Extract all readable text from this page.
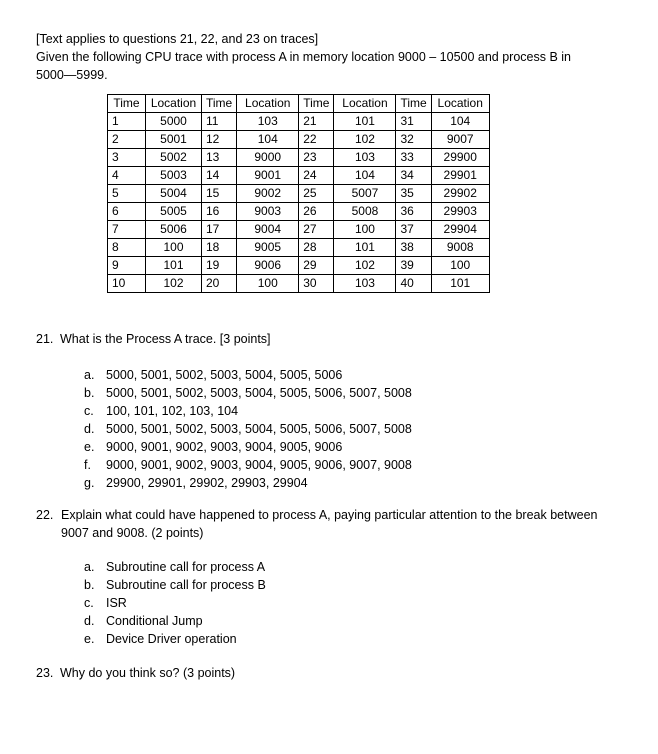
[Text applies to questions 21, 22, and 23 on traces]
Given the following CPU trace with process A in memory location 9000 – 10500 and process B in
5000—5999.
Time	Location	Time	Location	Time	Location	Time	Location
1	5000	11	103	21	101	31	104
2	5001	12	104	22	102	32	9007
3	5002	13	9000	23	103	33	29900
4	5003	14	9001	24	104	34	29901
5	5004	15	9002	25	5007	35	29902
6	5005	16	9003	26	5008	36	29903
7	5006	17	9004	27	100	37	29904
8	100	18	9005	28	101	38	9008
9	101	19	9006	29	102	39	100
10	102	20	100	30	103	40	101
21. What is the Process A trace. [3 points]
a. 5000, 5001, 5002, 5003, 5004, 5005, 5006
b. 5000, 5001, 5002, 5003, 5004, 5005, 5006, 5007, 5008
c. 100, 101, 102, 103, 104
d. 5000, 5001, 5002, 5003, 5004, 5005, 5006, 5007, 5008
e. 9000, 9001, 9002, 9003, 9004, 9005, 9006
f. 9000, 9001, 9002, 9003, 9004, 9005, 9006, 9007, 9008
g. 29900, 29901, 29902, 29903, 29904
22. Explain what could have happened to process A, paying particular attention to the break between 9007 and 9008. (2 points)
a. Subroutine call for process A
b. Subroutine call for process B
c. ISR
d. Conditional Jump
e. Device Driver operation
23. Why do you think so? (3 points)
